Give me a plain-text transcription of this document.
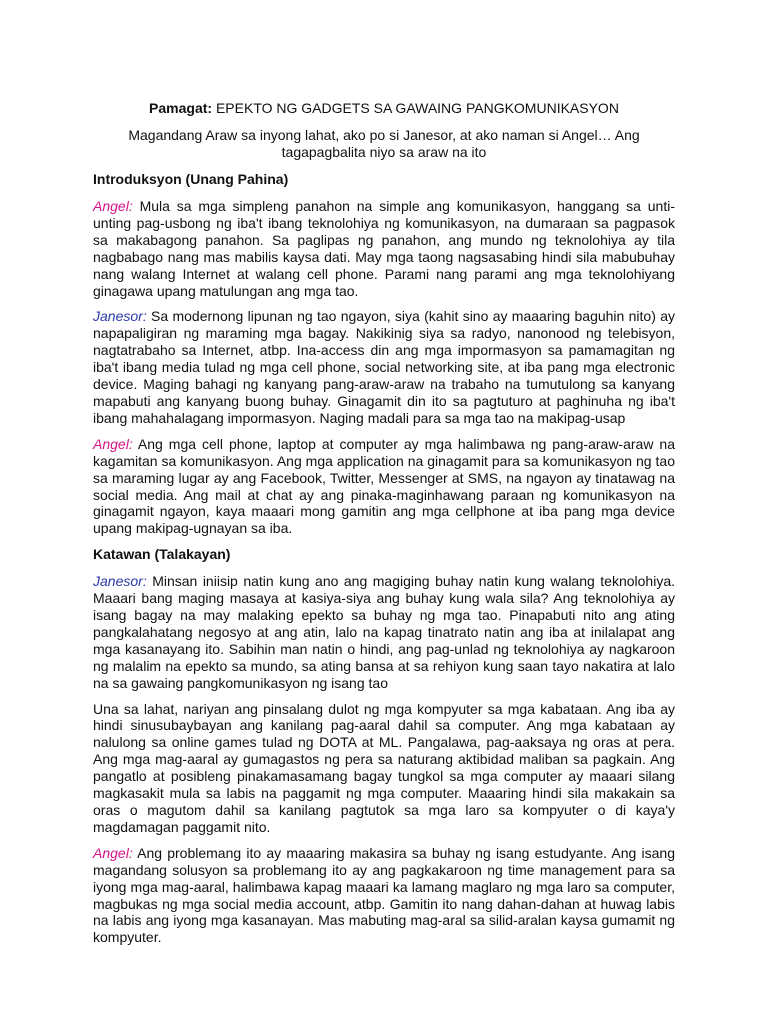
Pamagat: EPEKTO NG GADGETS SA GAWAING PANGKOMUNIKASYON

Magandang Araw sa inyong lahat, ako po si Janesor, at ako naman si Angel… Ang tagapagbalita niyo sa araw na ito

Introduksyon (Unang Pahina)

Angel: Mula sa mga simpleng panahon na simple ang komunikasyon, hanggang sa unti-unting pag-usbong ng iba't ibang teknolohiya ng komunikasyon, na dumaraan sa pagpasok sa makabagong panahon. Sa paglipas ng panahon, ang mundo ng teknolohiya ay tila nagbabago nang mas mabilis kaysa dati. May mga taong nagsasabing hindi sila mabubuhay nang walang Internet at walang cell phone. Parami nang parami ang mga teknolohiyang ginagawa upang matulungan ang mga tao.

Janesor: Sa modernong lipunan ng tao ngayon, siya (kahit sino ay maaaring baguhin nito) ay napapaligiran ng maraming mga bagay. Nakikinig siya sa radyo, nanonood ng telebisyon, nagtatrabaho sa Internet, atbp. Ina-access din ang mga impormasyon sa pamamagitan ng iba't ibang media tulad ng mga cell phone, social networking site, at iba pang mga electronic device. Maging bahagi ng kanyang pang-araw-araw na trabaho na tumutulong sa kanyang mapabuti ang kanyang buong buhay. Ginagamit din ito sa pagtuturo at paghinuha ng iba't ibang mahahalagang impormasyon. Naging madali para sa mga tao na makipag-usap

Angel: Ang mga cell phone, laptop at computer ay mga halimbawa ng pang-araw-araw na kagamitan sa komunikasyon. Ang mga application na ginagamit para sa komunikasyon ng tao sa maraming lugar ay ang Facebook, Twitter, Messenger at SMS, na ngayon ay tinatawag na social media. Ang mail at chat ay ang pinaka-maginhawang paraan ng komunikasyon na ginagamit ngayon, kaya maaari mong gamitin ang mga cellphone at iba pang mga device upang makipag-ugnayan sa iba.

Katawan (Talakayan)

Janesor: Minsan iniisip natin kung ano ang magiging buhay natin kung walang teknolohiya. Maaari bang maging masaya at kasiya-siya ang buhay kung wala sila? Ang teknolohiya ay isang bagay na may malaking epekto sa buhay ng mga tao. Pinapabuti nito ang ating pangkalahatang negosyo at ang atin, lalo na kapag tinatrato natin ang iba at inilalapat ang mga kasanayang ito. Sabihin man natin o hindi, ang pag-unlad ng teknolohiya ay nagkaroon ng malalim na epekto sa mundo, sa ating bansa at sa rehiyon kung saan tayo nakatira at lalo na sa gawaing pangkomunikasyon ng isang tao

Una sa lahat, nariyan ang pinsalang dulot ng mga kompyuter sa mga kabataan. Ang iba ay hindi sinusubaybayan ang kanilang pag-aaral dahil sa computer. Ang mga kabataan ay nalulong sa online games tulad ng DOTA at ML. Pangalawa, pag-aaksaya ng oras at pera. Ang mga mag-aaral ay gumagastos ng pera sa naturang aktibidad maliban sa pagkain. Ang pangatlo at posibleng pinakamasamang bagay tungkol sa mga computer ay maaari silang magkasakit mula sa labis na paggamit ng mga computer. Maaaring hindi sila makakain sa oras o magutom dahil sa kanilang pagtutok sa mga laro sa kompyuter o di kaya'y magdamagan paggamit nito.

Angel: Ang problemang ito ay maaaring makasira sa buhay ng isang estudyante. Ang isang magandang solusyon sa problemang ito ay ang pagkakaroon ng time management para sa iyong mga mag-aaral, halimbawa kapag maaari ka lamang maglaro ng mga laro sa computer, magbukas ng mga social media account, atbp. Gamitin ito nang dahan-dahan at huwag labis na labis ang iyong mga kasanayan. Mas mabuting mag-aral sa silid-aralan kaysa gumamit ng kompyuter.
